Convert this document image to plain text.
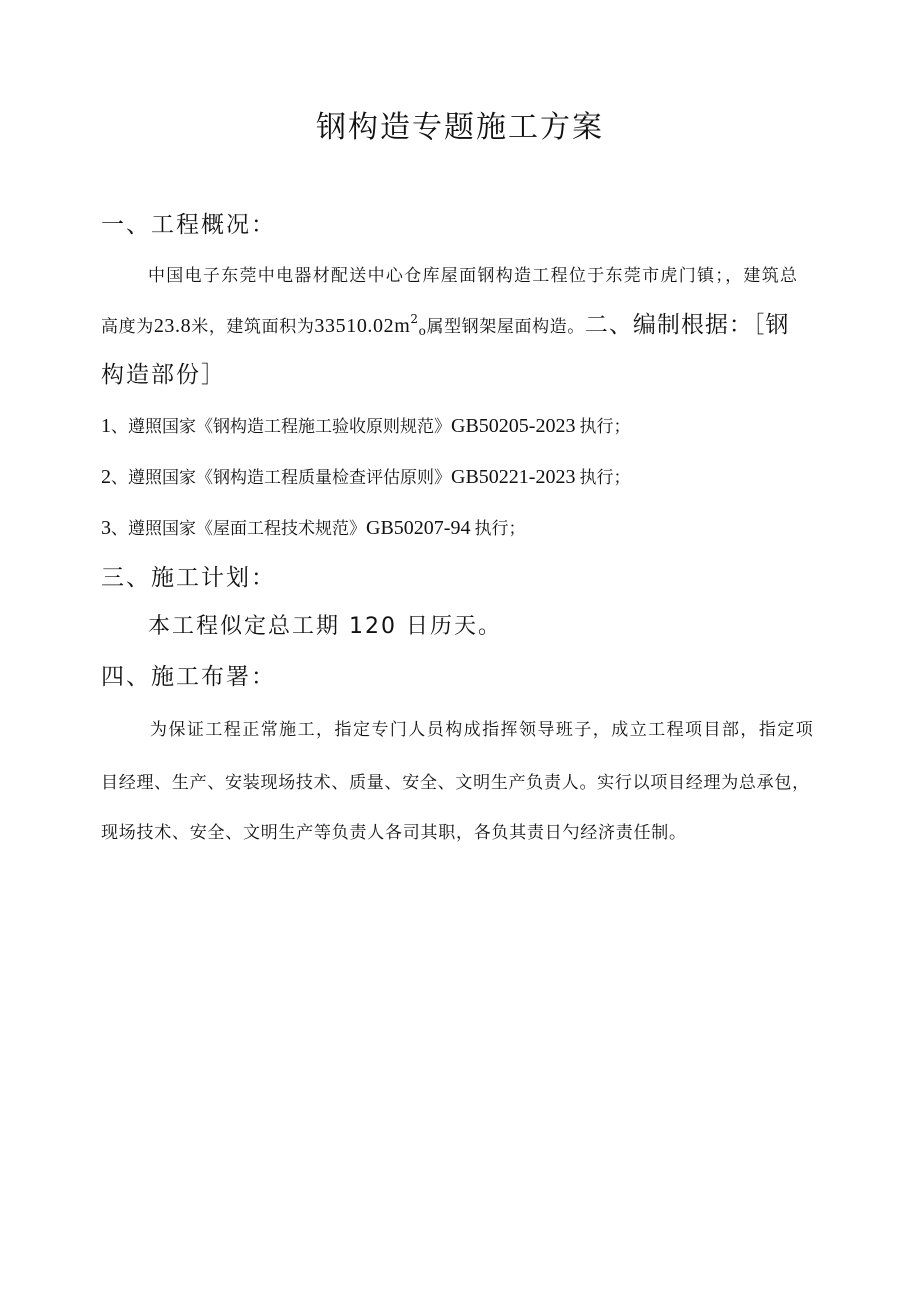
钢构造专题施工方案
一、工程概况：
中国电子东莞中电器材配送中心仓库屋面钢构造工程位于东莞市虎门镇；，建筑总
高度为23.8米，建筑面积为$33510.02m^2_o$属型钢架屋面构造。二、编制根据：［钢
构造部份］
1、遵照国家《钢构造工程施工验收原则规范》GB50205-2023 执行；
2、遵照国家《钢构造工程质量检查评估原则》GB50221-2023 执行；
3、遵照国家《屋面工程技术规范》GB50207-94 执行；
三、施工计划：
本工程似定总工期 120 日历天。
四、施工布署：
为保证工程正常施工，指定专门人员构成指挥领导班子，成立工程项目部，指定项
目经理、生产、安装现场技术、质量、安全、文明生产负责人。实行以项目经理为总承包，
现场技术、安全、文明生产等负责人各司其职，各负其责日勺经济责任制。
